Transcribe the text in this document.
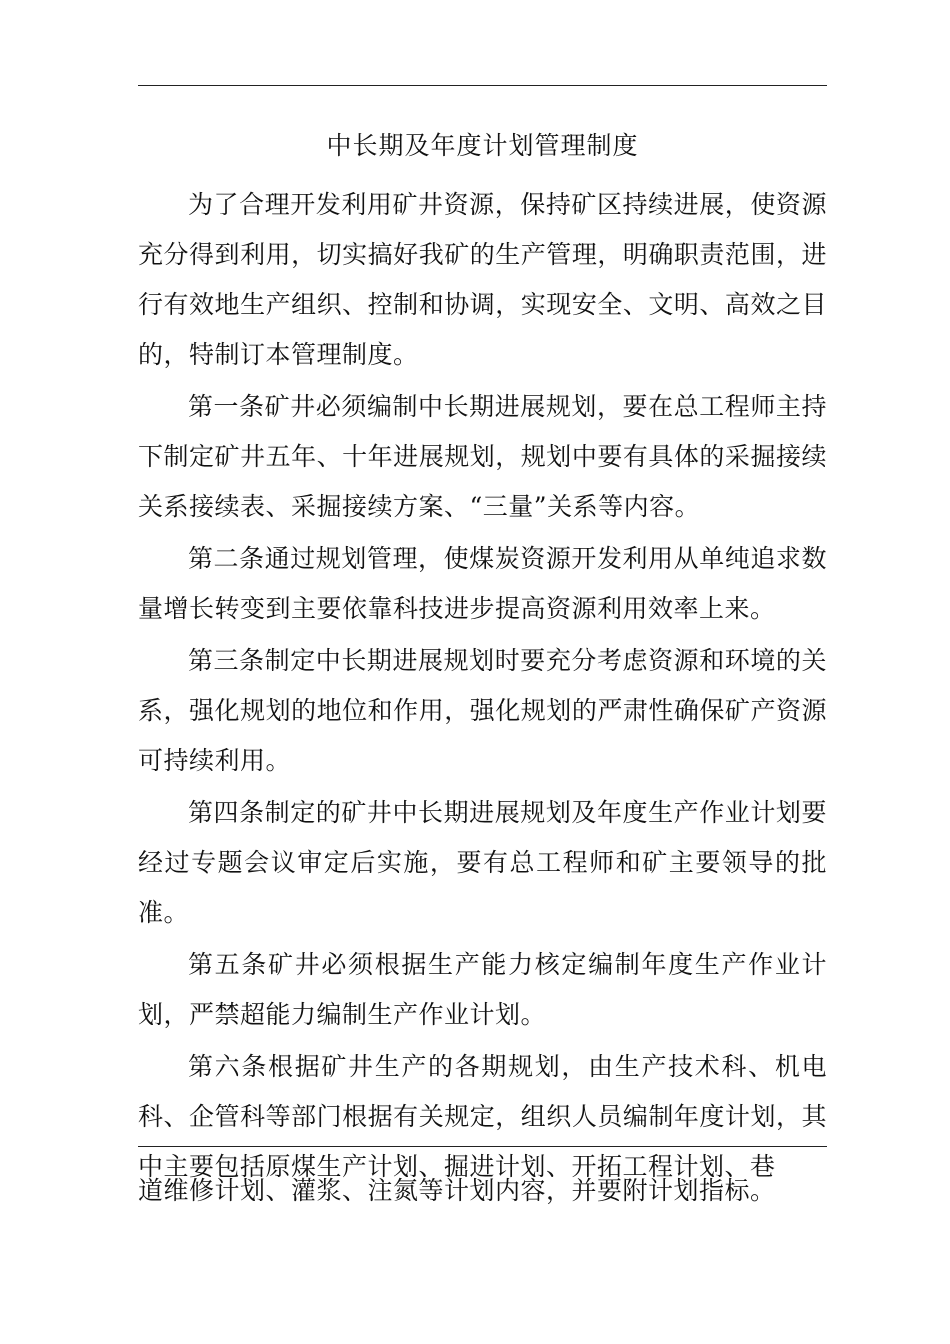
中长期及年度计划管理制度

为了合理开发利用矿井资源，保持矿区持续进展，使资源充分得到利用，切实搞好我矿的生产管理，明确职责范围，进行有效地生产组织、控制和协调，实现安全、文明、高效之目的，特制订本管理制度。

第一条矿井必须编制中长期进展规划，要在总工程师主持下制定矿井五年、十年进展规划，规划中要有具体的采掘接续关系接续表、采掘接续方案、“三量”关系等内容。

第二条通过规划管理，使煤炭资源开发利用从单纯追求数量增长转变到主要依靠科技进步提高资源利用效率上来。

第三条制定中长期进展规划时要充分考虑资源和环境的关系，强化规划的地位和作用，强化规划的严肃性确保矿产资源可持续利用。

第四条制定的矿井中长期进展规划及年度生产作业计划要经过专题会议审定后实施，要有总工程师和矿主要领导的批准。

第五条矿井必须根据生产能力核定编制年度生产作业计划，严禁超能力编制生产作业计划。

第六条根据矿井生产的各期规划，由生产技术科、机电科、企管科等部门根据有关规定，组织人员编制年度计划，其中主要包括原煤生产计划、掘进计划、开拓工程计划、巷

道维修计划、灌浆、注氮等计划内容，并要附计划指标。
